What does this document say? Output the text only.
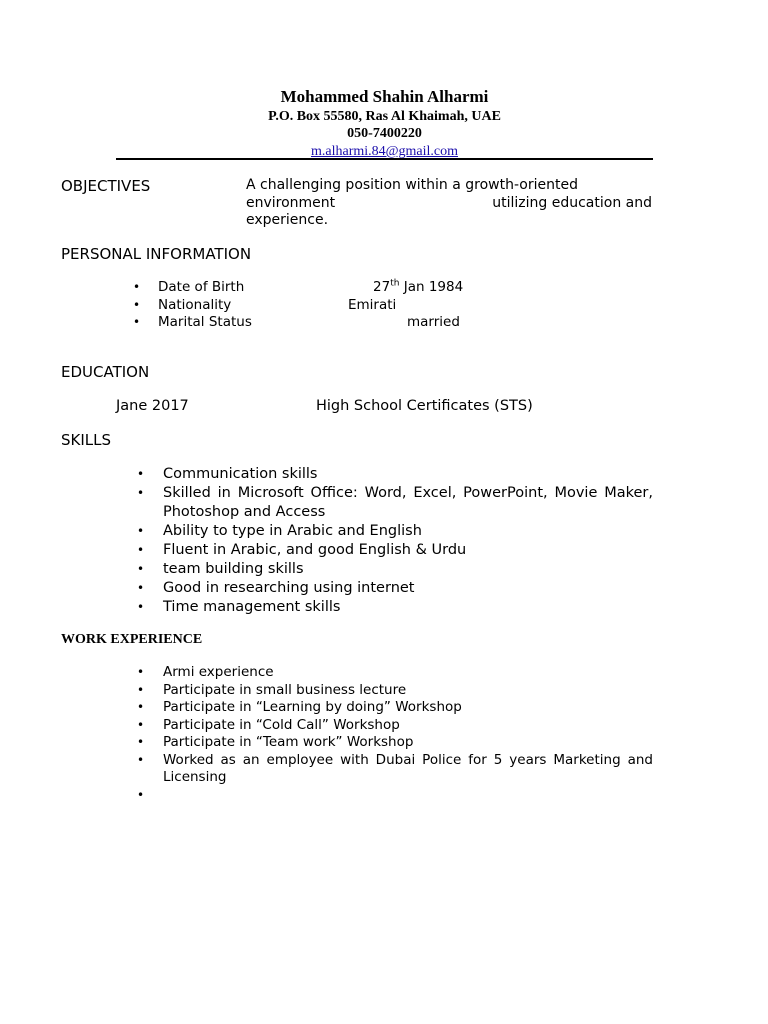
Mohammed Shahin Alharmi
P.O. Box 55580, Ras Al Khaimah, UAE
050-7400220
m.alharmi.84@gmail.com
OBJECTIVES	A challenging position within a growth-oriented
environment	utilizing education and
experience.
PERSONAL INFORMATION
• Date of Birth	27th Jan 1984
• Nationality	Emirati
• Marital Status	married
EDUCATION
Jane 2017	High School Certificates (STS)
SKILLS
• Communication skills
• Skilled in Microsoft Office: Word, Excel, PowerPoint, Movie Maker, Photoshop and Access
• Ability to type in Arabic and English
• Fluent in Arabic, and good English & Urdu
• team building skills
• Good in researching using internet
• Time management skills
WORK EXPERIENCE
• Armi experience
• Participate in small business lecture
• Participate in “Learning by doing” Workshop
• Participate in “Cold Call” Workshop
• Participate in “Team work” Workshop
• Worked as an employee with Dubai Police for 5 years Marketing and Licensing
•
